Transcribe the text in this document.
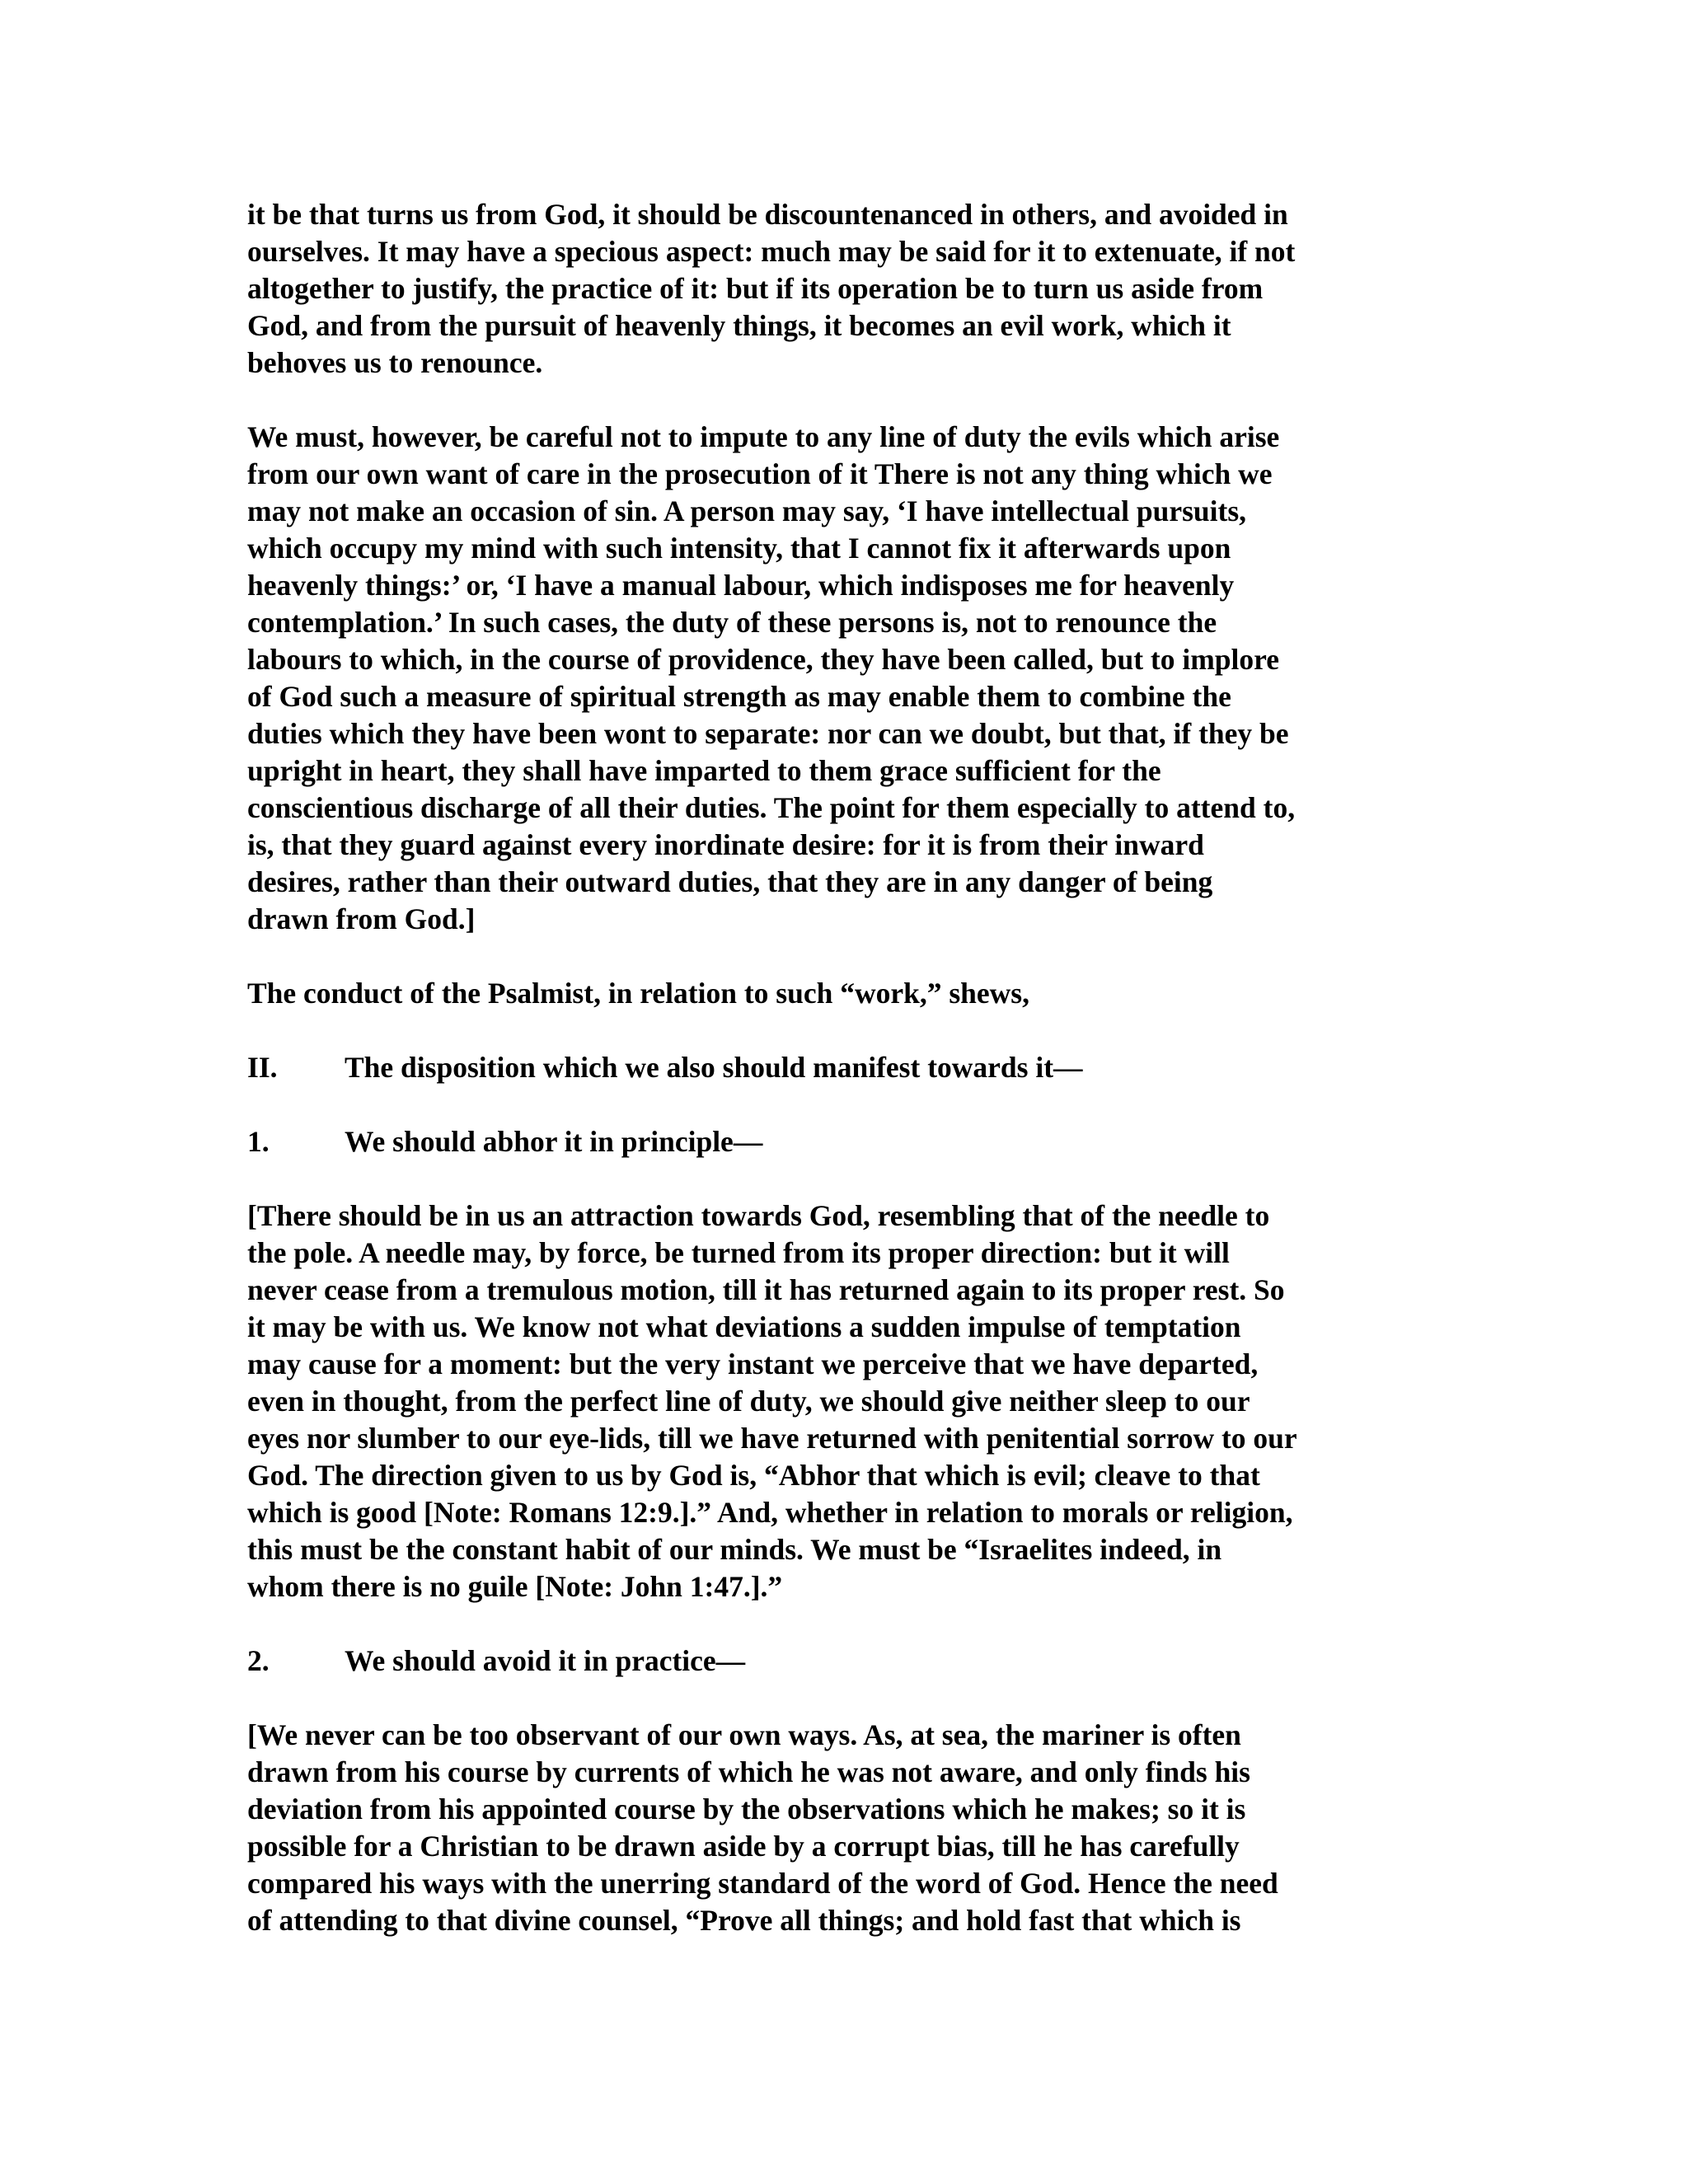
it be that turns us from God, it should be discountenanced in others, and avoided in
ourselves. It may have a specious aspect: much may be said for it to extenuate, if not
altogether to justify, the practice of it: but if its operation be to turn us aside from
God, and from the pursuit of heavenly things, it becomes an evil work, which it
behoves us to renounce.
We must, however, be careful not to impute to any line of duty the evils which arise
from our own want of care in the prosecution of it There is not any thing which we
may not make an occasion of sin. A person may say, ‘I have intellectual pursuits,
which occupy my mind with such intensity, that I cannot fix it afterwards upon
heavenly things:’ or, ‘I have a manual labour, which indisposes me for heavenly
contemplation.’ In such cases, the duty of these persons is, not to renounce the
labours to which, in the course of providence, they have been called, but to implore
of God such a measure of spiritual strength as may enable them to combine the
duties which they have been wont to separate: nor can we doubt, but that, if they be
upright in heart, they shall have imparted to them grace sufficient for the
conscientious discharge of all their duties. The point for them especially to attend to,
is, that they guard against every inordinate desire: for it is from their inward
desires, rather than their outward duties, that they are in any danger of being
drawn from God.]
The conduct of the Psalmist, in relation to such “work,” shews,
II.	The disposition which we also should manifest towards it—
1.	We should abhor it in principle—
[There should be in us an attraction towards God, resembling that of the needle to
the pole. A needle may, by force, be turned from its proper direction: but it will
never cease from a tremulous motion, till it has returned again to its proper rest. So
it may be with us. We know not what deviations a sudden impulse of temptation
may cause for a moment: but the very instant we perceive that we have departed,
even in thought, from the perfect line of duty, we should give neither sleep to our
eyes nor slumber to our eye-lids, till we have returned with penitential sorrow to our
God. The direction given to us by God is, “Abhor that which is evil; cleave to that
which is good [Note: Romans 12:9.].” And, whether in relation to morals or religion,
this must be the constant habit of our minds. We must be “Israelites indeed, in
whom there is no guile [Note: John 1:47.].”
2.	We should avoid it in practice—
[We never can be too observant of our own ways. As, at sea, the mariner is often
drawn from his course by currents of which he was not aware, and only finds his
deviation from his appointed course by the observations which he makes; so it is
possible for a Christian to be drawn aside by a corrupt bias, till he has carefully
compared his ways with the unerring standard of the word of God. Hence the need
of attending to that divine counsel, “Prove all things; and hold fast that which is
